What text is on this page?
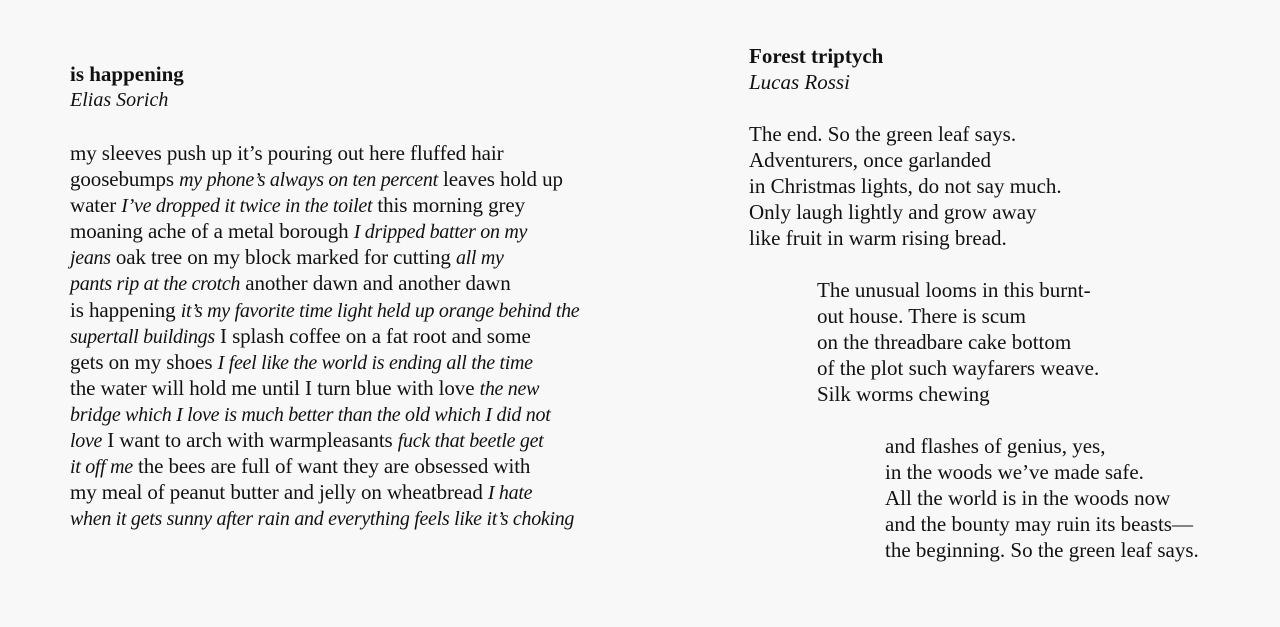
is happening
Elias Sorich
my sleeves push up it’s pouring out here fluffed hair
goosebumps my phone’s always on ten percent leaves hold up
water I’ve dropped it twice in the toilet this morning grey
moaning ache of a metal borough I dripped batter on my
jeans oak tree on my block marked for cutting all my
pants rip at the crotch another dawn and another dawn
is happening it’s my favorite time light held up orange behind the
supertall buildings I splash coffee on a fat root and some
gets on my shoes I feel like the world is ending all the time
the water will hold me until I turn blue with love the new
bridge which I love is much better than the old which I did not
love I want to arch with warmpleasants fuck that beetle get
it off me the bees are full of want they are obsessed with
my meal of peanut butter and jelly on wheatbread I hate
when it gets sunny after rain and everything feels like it’s choking
Forest triptych
Lucas Rossi
The end. So the green leaf says.
Adventurers, once garlanded
in Christmas lights, do not say much.
Only laugh lightly and grow away
like fruit in warm rising bread.
The unusual looms in this burnt-
out house. There is scum
on the threadbare cake bottom
of the plot such wayfarers weave.
Silk worms chewing
and flashes of genius, yes,
in the woods we’ve made safe.
All the world is in the woods now
and the bounty may ruin its beasts—
the beginning. So the green leaf says.
